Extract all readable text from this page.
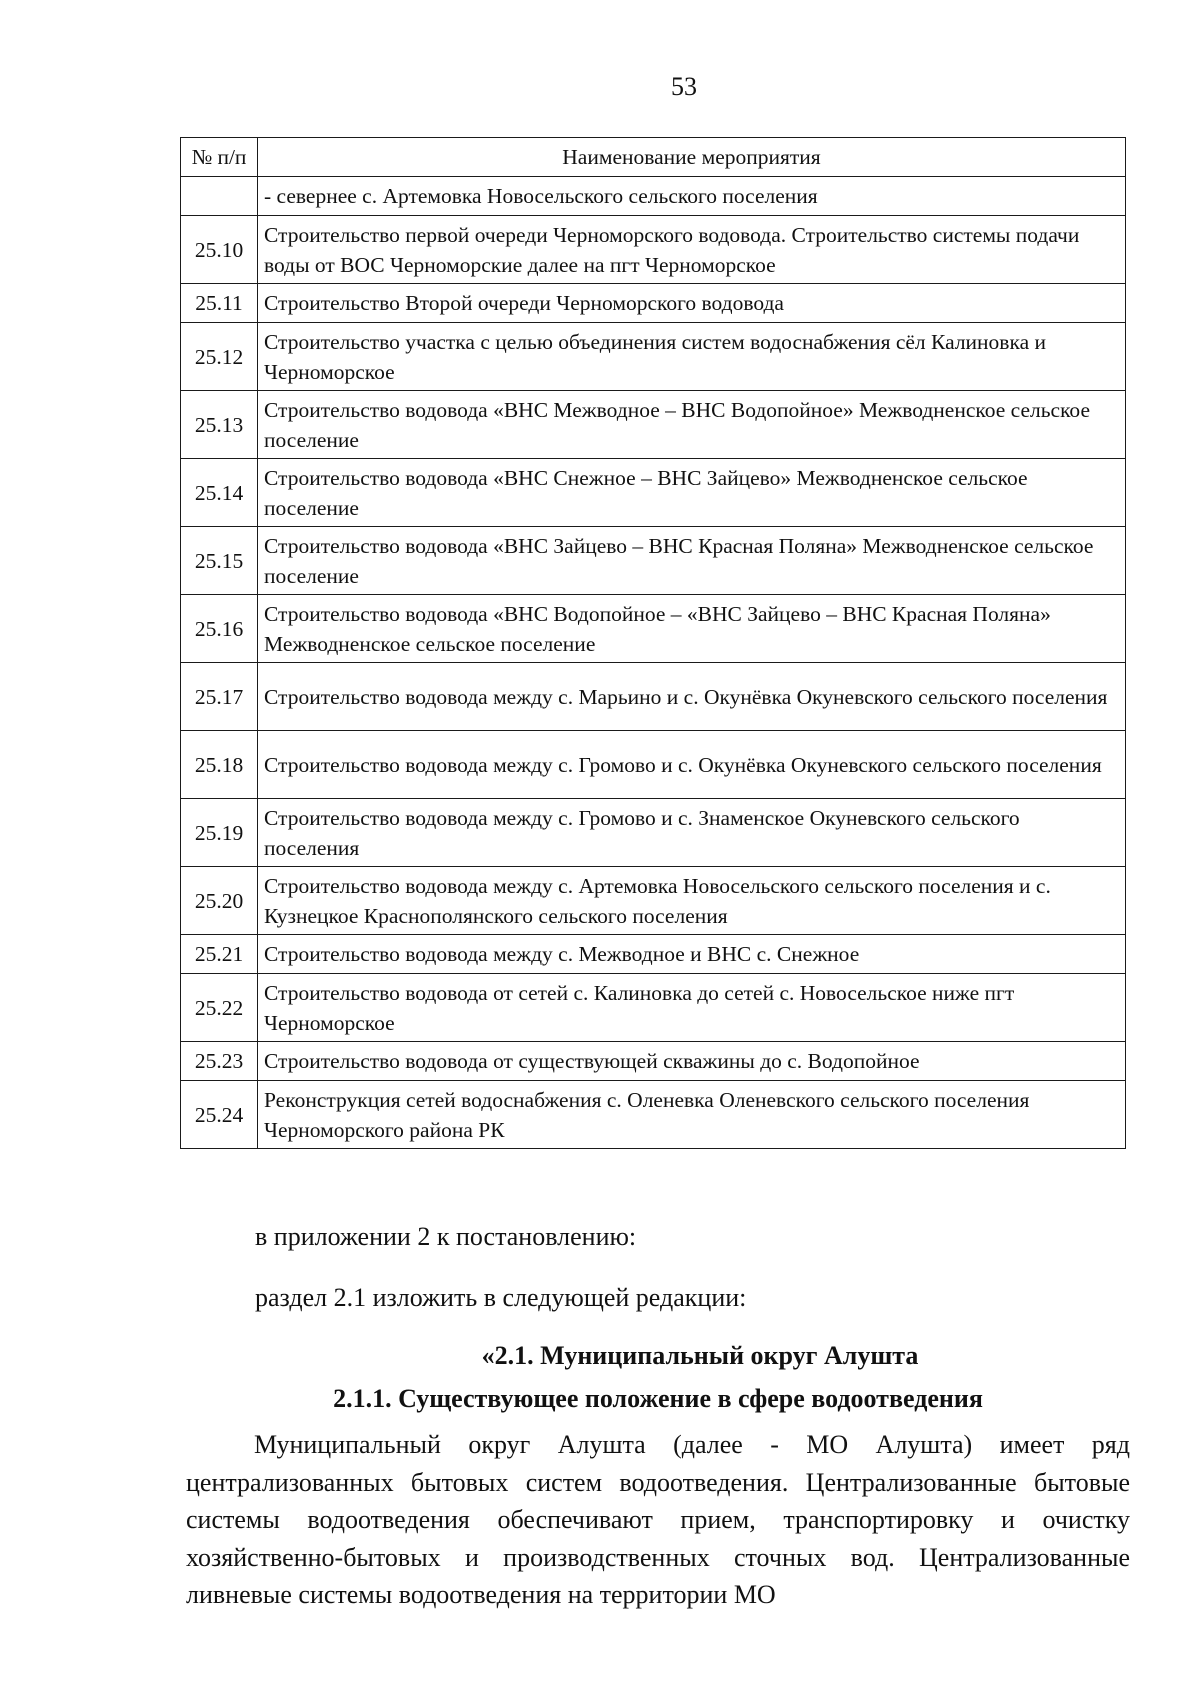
53
№ п/п	Наименование мероприятия
	- севернее с. Артемовка Новосельского сельского поселения
25.10	Строительство первой очереди Черноморского водовода. Строительство системы подачи воды от ВОС Черноморские далее на пгт Черноморское
25.11	Строительство Второй очереди Черноморского водовода
25.12	Строительство участка с целью объединения систем водоснабжения сёл Калиновка и Черноморское
25.13	Строительство водовода «ВНС Межводное – ВНС Водопойное» Межводненское сельское поселение
25.14	Строительство водовода «ВНС Снежное – ВНС Зайцево» Межводненское сельское поселение
25.15	Строительство водовода «ВНС Зайцево – ВНС Красная Поляна» Межводненское сельское поселение
25.16	Строительство водовода «ВНС Водопойное – «ВНС Зайцево – ВНС Красная Поляна» Межводненское сельское поселение
25.17	Строительство водовода между с. Марьино и с. Окунёвка Окуневского сельского поселения
25.18	Строительство водовода между с. Громово и с. Окунёвка Окуневского сельского поселения
25.19	Строительство водовода между с. Громово и с. Знаменское Окуневского сельского поселения
25.20	Строительство водовода между с. Артемовка Новосельского сельского поселения и с. Кузнецкое Краснополянского сельского поселения
25.21	Строительство водовода между с. Межводное и ВНС с. Снежное
25.22	Строительство водовода от сетей с. Калиновка до сетей с. Новосельское ниже пгт Черноморское
25.23	Строительство водовода от существующей скважины до с. Водопойное
25.24	Реконструкция сетей водоснабжения с. Оленевка Оленевского сельского поселения Черноморского района РК
в приложении 2 к постановлению:
раздел 2.1 изложить в следующей редакции:
«2.1. Муниципальный округ Алушта
2.1.1. Существующее положение в сфере водоотведения
Муниципальный округ Алушта (далее - МО Алушта) имеет ряд централизованных бытовых систем водоотведения. Централизованные бытовые системы водоотведения обеспечивают прием, транспортировку и очистку хозяйственно-бытовых и производственных сточных вод. Централизованные ливневые системы водоотведения на территории МО
